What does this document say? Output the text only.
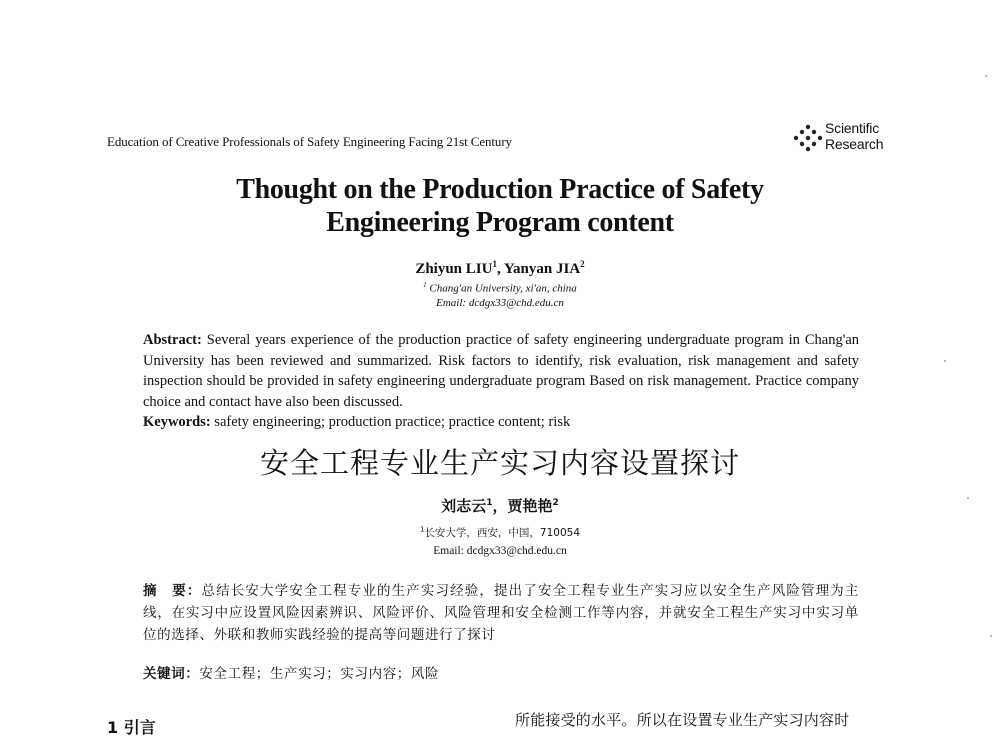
Education of Creative Professionals of Safety Engineering Facing 21st Century
Scientific
Research
Thought on the Production Practice of Safety
Engineering Program content
Zhiyun LIU$^1$, Yanyan JIA$^2$
$^1$ Chang'an University, xi'an, china
Email: dcdgx33@chd.edu.cn
Abstract: Several years experience of the production practice of safety engineering undergraduate program in Chang'an University has been reviewed and summarized. Risk factors to identify, risk evaluation, risk management and safety inspection should be provided in safety engineering undergraduate program Based on risk management. Practice company choice and contact have also been discussed.
Keywords: safety engineering; production practice; practice content; risk
安全工程专业生产实习内容设置探讨
刘志云$^1$，贾艳艳$^2$
$^1$长安大学，西安，中国，710054
Email: dcdgx33@chd.edu.cn
摘　要：总结长安大学安全工程专业的生产实习经验，提出了安全工程专业生产实习应以安全生产风险管理为主线，在实习中应设置风险因素辨识、风险评价、风险管理和安全检测工作等内容，并就安全工程生产实习中实习单位的选择、外联和教师实践经验的提高等问题进行了探讨
关键词：安全工程；生产实习；实习内容；风险
1 引言	所能接受的水平。所以在设置专业生产实习内容时
